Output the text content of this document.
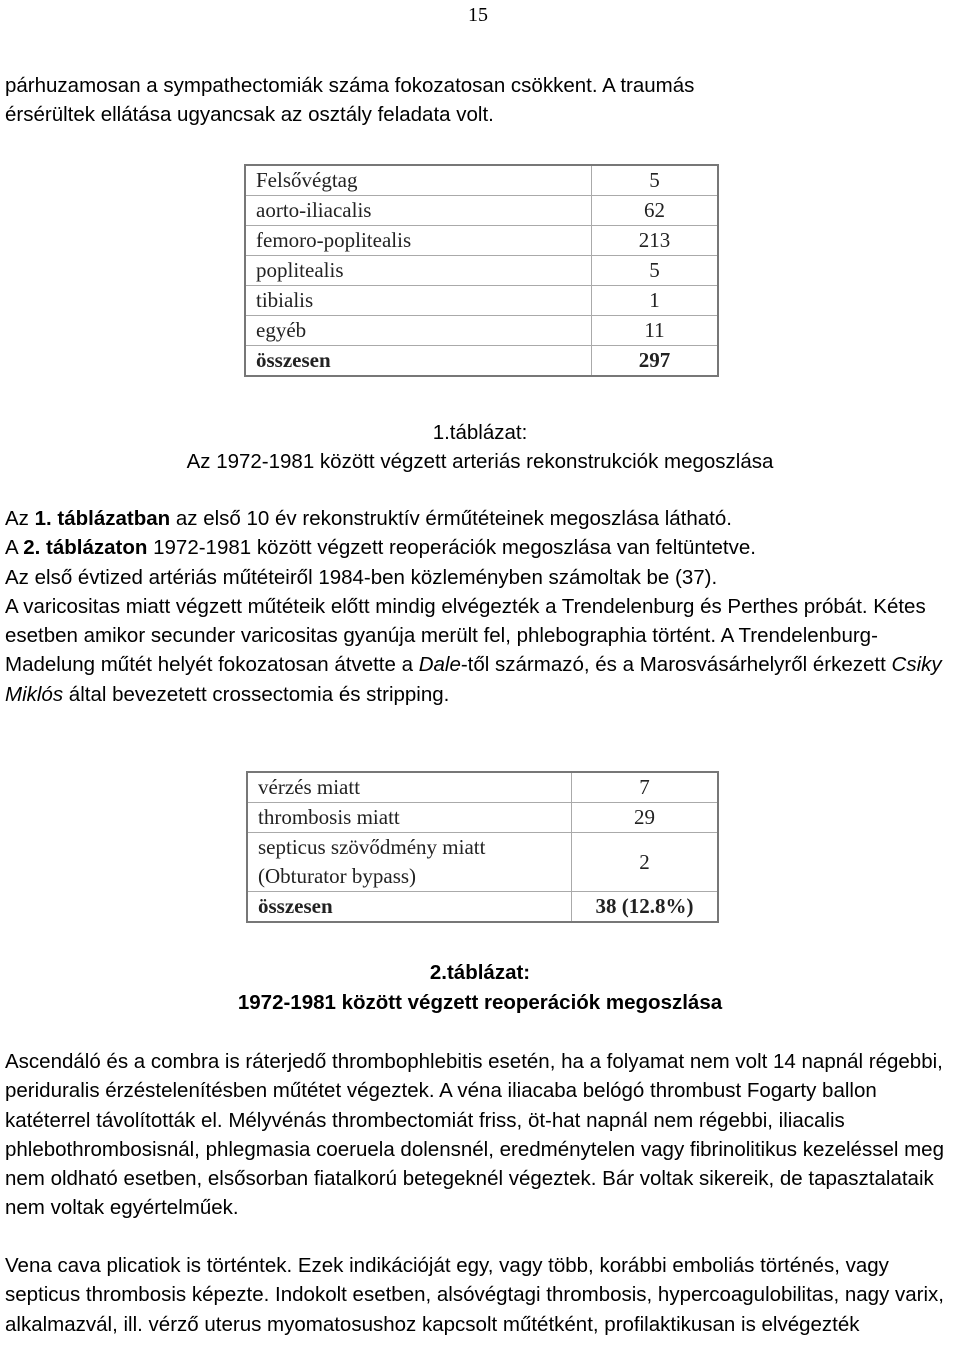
15

párhuzamosan a sympathectomiák száma fokozatosan csökkent. A traumás
érsérültek ellátása ugyancsak az osztály feladata volt.

Felsővégtag	5
aorto-iliacalis	62
femoro-poplitealis	213
poplitealis	5
tibialis	1
egyéb	11
összesen	297

1.táblázat:

Az 1972-1981 között végzett arteriás rekonstrukciók megoszlása

Az 1. táblázatban az első 10 év rekonstruktív érműtéteinek megoszlása látható.
A 2. táblázaton 1972-1981 között végzett reoperációk megoszlása van feltüntetve.
Az első évtized artériás műtéteiről 1984-ben közleményben számoltak be (37).
A varicositas miatt végzett műtéteik előtt mindig elvégezték a Trendelenburg és Perthes próbát. Kétes esetben amikor secunder varicositas gyanúja merült fel, phlebographia történt. A Trendelenburg-Madelung műtét helyét fokozatosan átvette a Dale-től származó, és a Marosvásárhelyről érkezett Csiky Miklós által bevezetett crossectomia és stripping.

vérzés miatt	7
thrombosis miatt	29
septicus szövődmény miatt
(Obturator bypass)	2
összesen	38 (12.8%)

2.táblázat:

1972-1981 között végzett reoperációk megoszlása

Ascendáló és a combra is ráterjedő thrombophlebitis esetén, ha a folyamat nem volt 14 napnál régebbi, periduralis érzéstelenítésben műtétet végeztek. A véna iliacaba belógó thrombust Fogarty ballon katéterrel távolították el. Mélyvénás thrombectomiát friss, öt-hat napnál nem régebbi, iliacalis phlebothrombosisnál, phlegmasia coeruela dolensnél, eredménytelen vagy fibrinolitikus kezeléssel meg nem oldható esetben, elsősorban fiatalkorú betegeknél végeztek. Bár voltak sikereik, de tapasztalataik nem voltak egyértelműek.

Vena cava plicatiok is történtek. Ezek indikációját egy, vagy több, korábbi emboliás történés, vagy septicus thrombosis képezte. Indokolt esetben, alsóvégtagi thrombosis, hypercoagulobilitas, nagy varix, alkalmazvál, ill. vérző uterus myomatosushoz kapcsolt műtétként, profilaktikusan is elvégezték
